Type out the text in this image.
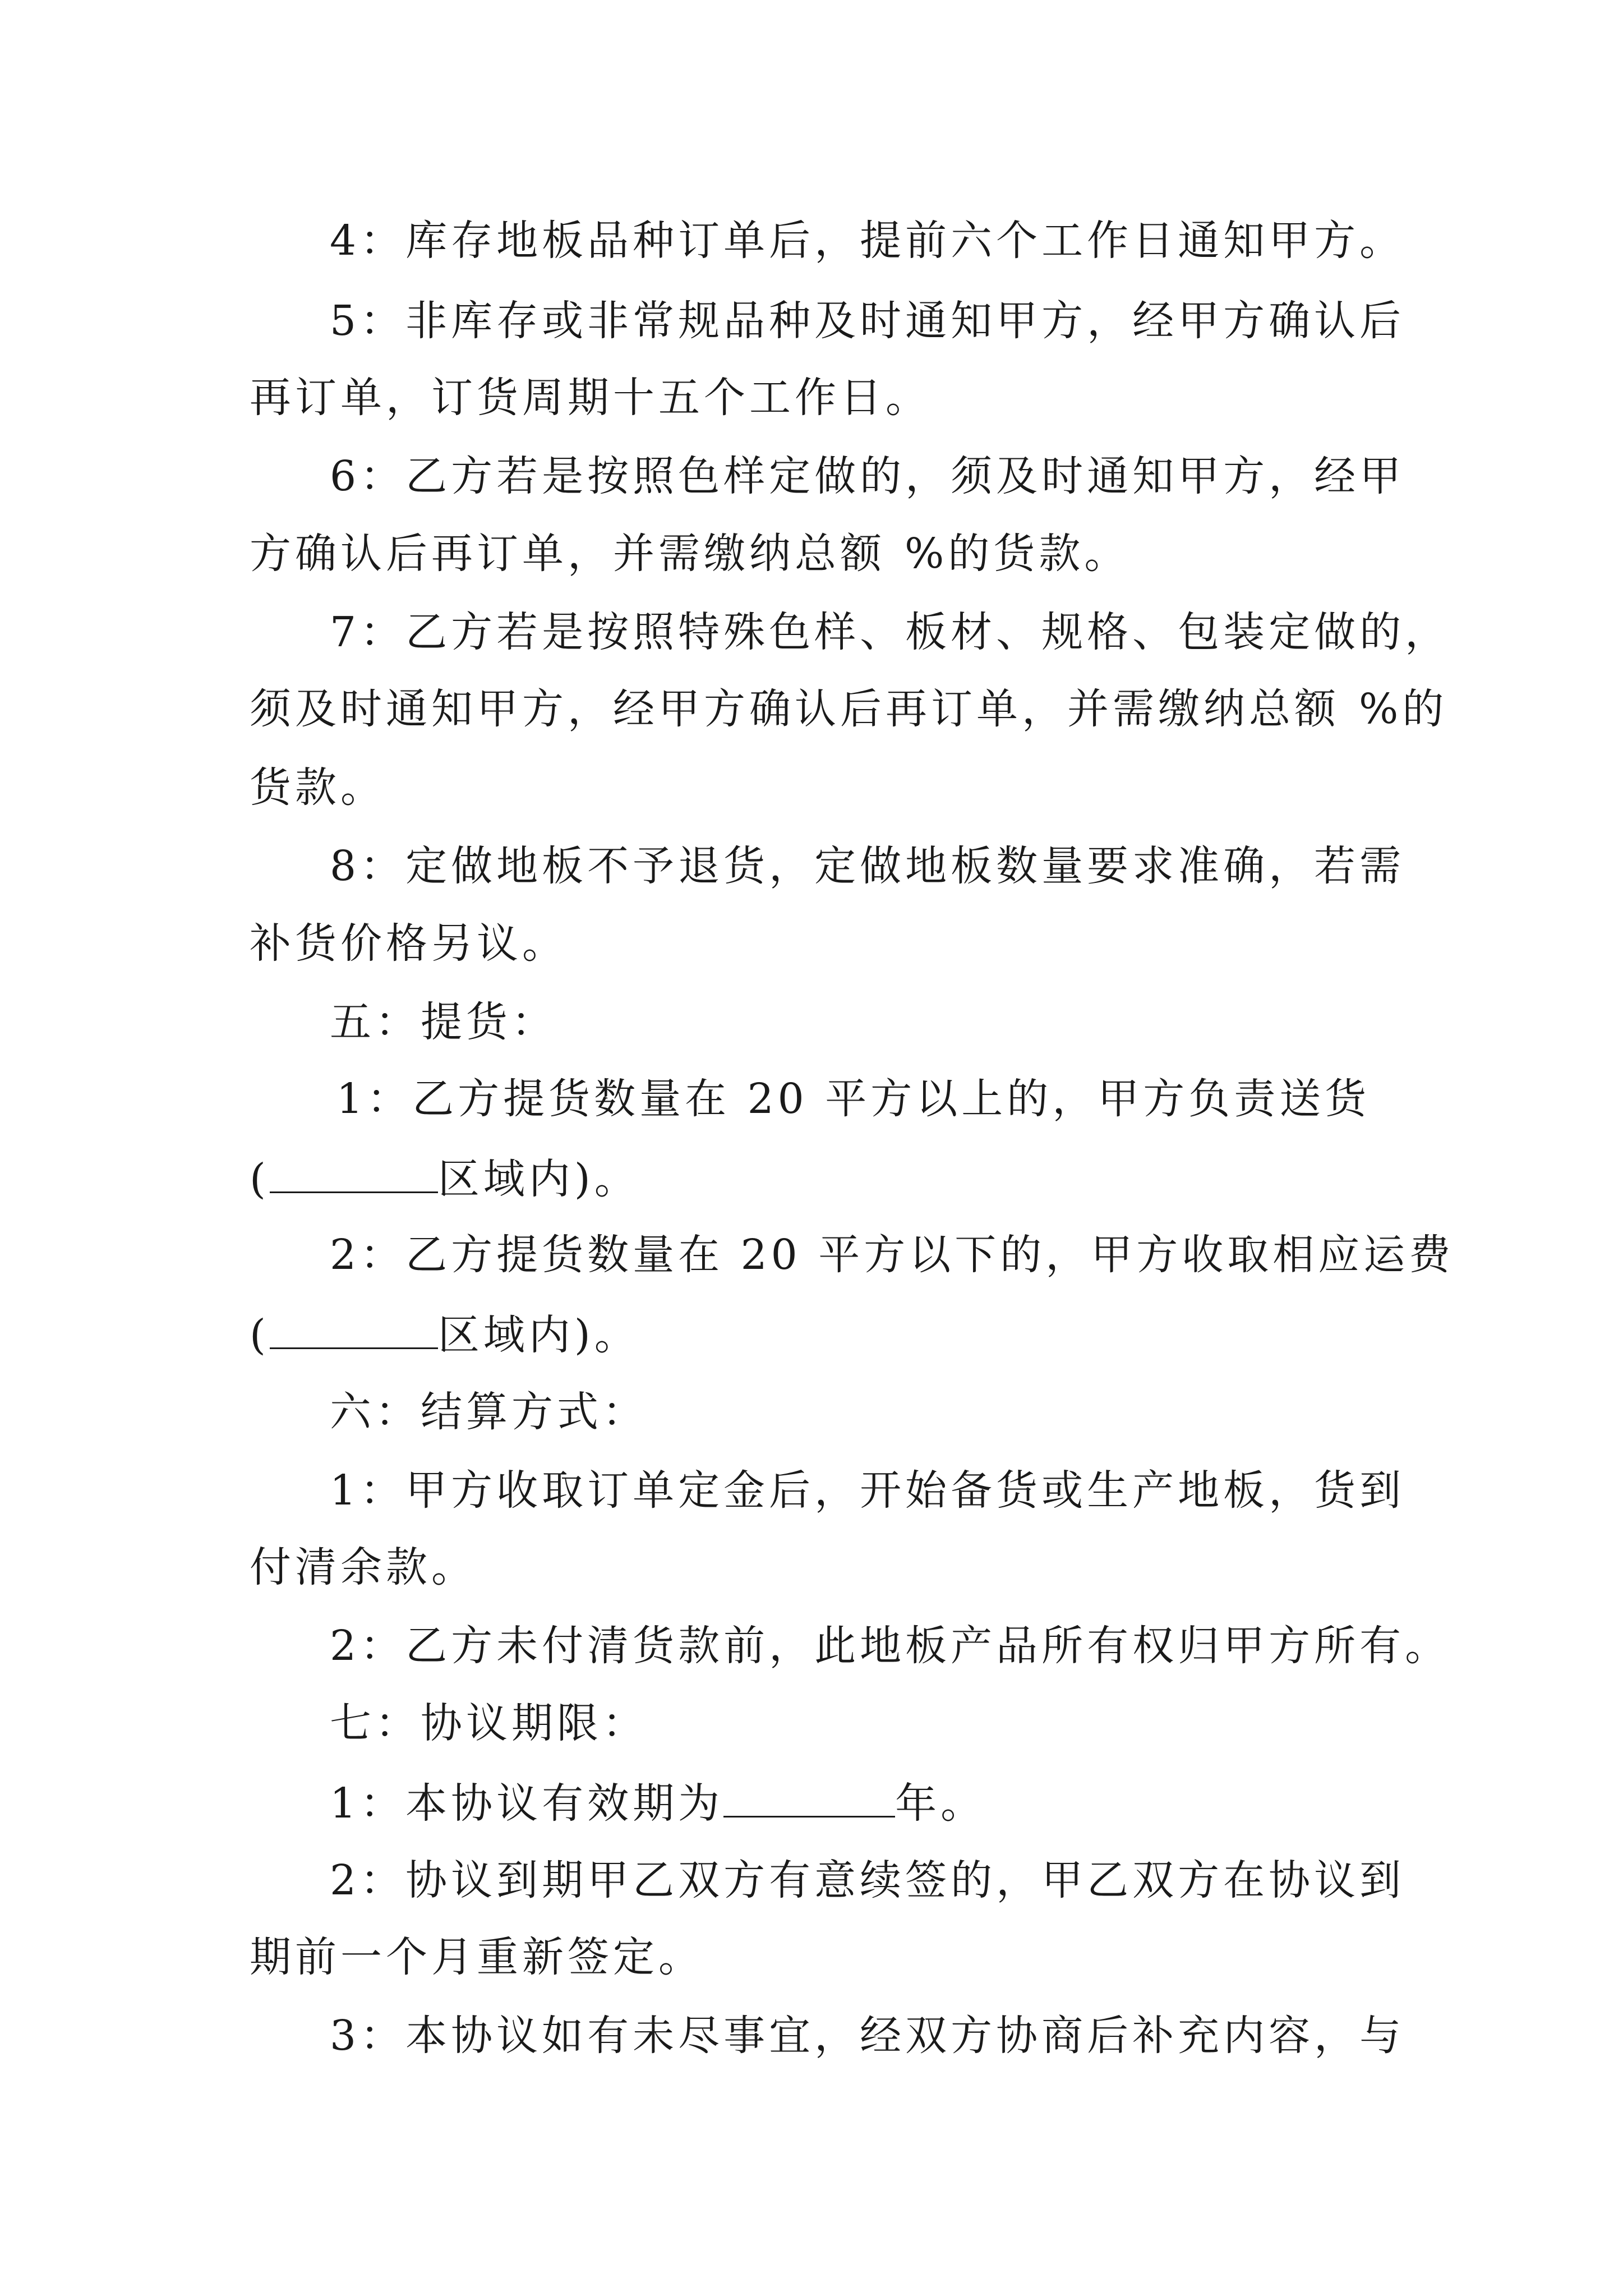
4：库存地板品种订单后，提前六个工作日通知甲方。

5：非库存或非常规品种及时通知甲方，经甲方确认后

再订单，订货周期十五个工作日。

6：乙方若是按照色样定做的，须及时通知甲方，经甲

方确认后再订单，并需缴纳总额 %的货款。

7：乙方若是按照特殊色样、板材、规格、包装定做的，

须及时通知甲方，经甲方确认后再订单，并需缴纳总额 %的

货款。

8：定做地板不予退货，定做地板数量要求准确，若需

补货价格另议。

五：提货：

1：乙方提货数量在 20 平方以上的，甲方负责送货

(	区域内)。

2：乙方提货数量在 20 平方以下的，甲方收取相应运费

(	区域内)。

六：结算方式：

1：甲方收取订单定金后，开始备货或生产地板，货到

付清余款。

2：乙方未付清货款前，此地板产品所有权归甲方所有。

七：协议期限：

1：本协议有效期为	年。

2：协议到期甲乙双方有意续签的，甲乙双方在协议到

期前一个月重新签定。

3：本协议如有未尽事宜，经双方协商后补充内容，与
